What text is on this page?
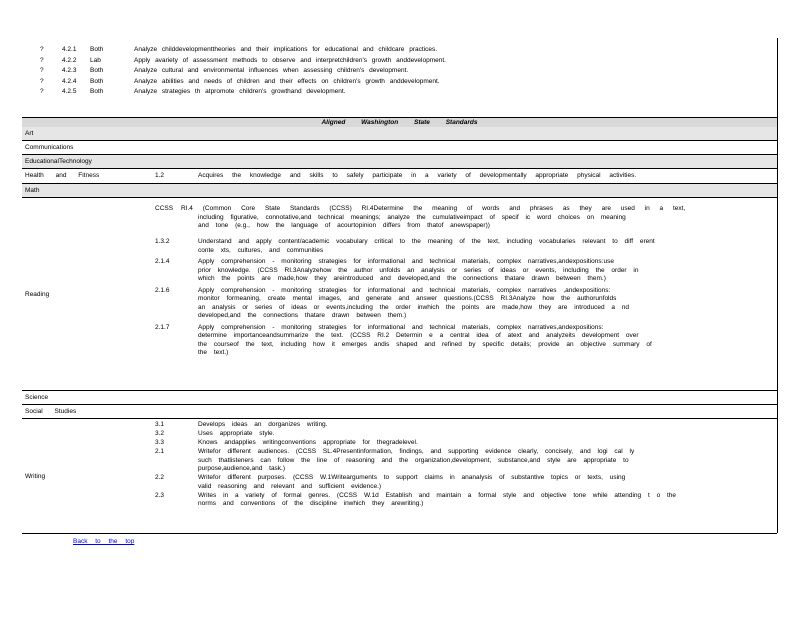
?	4.2.1	Both	Analyze childdevelopmenttheories and their implications for educational and childcare practices.
?	4.2.2	Lab	Apply avariety of assessment methods to observe and interpretchildren's growth anddevelopment.
?	4.2.3	Both	Analyze cultural and environmental influences when assessing children's development.
?	4.2.4	Both	Analyze abilities and needs of children and their effects on children's growth anddevelopment.
?	4.2.5	Both	Analyze strategies th atpromote children's growthand development.
Aligned Washington State Standards
Art
Communications
EducationalTechnology
Health and Fitness	1.2	Acquires the knowledge and skills to safely participate in a variety of developmentally appropriate physical activities.
Math
Reading
CCSS RI.4 (Common Core State Standards (CCSS) RI.4Determine the meaning of words and phrases as they are used in a text,
including figurative, connotative,and technical meanings; analyze the cumulativeimpact of specif ic word choices on meaning
and tone (e.g., how the language of acourtopinion differs from thatof anewspaper))
1.3.2	Understand and apply content/academic vocabulary critical to the meaning of the text, including vocabularies relevant to diff erent
conte xts, cultures, and communities
2.1.4	Apply comprehension - monitoring strategies for informational and technical materials, complex narratives,andexpositions:use
prior knowledge. (CCSS RI.3Analyzehow the author unfolds an analysis or series of ideas or events, including the order in
which the points are made,how they areintroduced and developed,and the connections thatare drawn between them.)
2.1.6	Apply comprehension - monitoring strategies for informational and technical materials, complex narratives ,andexpositions:
monitor formeaning, create mental images, and generate and answer questions.(CCSS RI.3Analyze how the authorunfolds
an analysis or series of ideas or events,including the order inwhich the points are made,how they are introduced a nd
developed,and the connections thatare drawn between them.)
2.1.7	Apply comprehension - monitoring strategies for informational and technical materials, complex narratives,andexpositions:
determine importanceandsummarize the text. (CCSS RI.2 Determin e a central idea of atext and analyzeits development over
the courseof the text, including how it emerges andis shaped and refined by specific details; provide an objective summary of
the text.)
Science
Social Studies
Writing
3.1	Develops ideas an dorganizes writing.
3.2	Uses appropriate style.
3.3	Knows andapplies writingconventions appropriate for thegradelevel.
2.1	Writefor different audiences. (CCSS SL.4Presentinformation, findings, and supporting evidence clearly, concisely, and logi cal ly
such thatlisteners can follow the line of reasoning and the organization,development, substance,and style are appropriate to
purpose,audience,and task.)
2.2	Writefor different purposes. (CCSS W.1Writearguments to support claims in ananalysis of substantive topics or texts, using
valid reasoning and relevant and sufficient evidence.)
2.3	Writes in a variety of formal genres. (CCSS W.1d Establish and maintain a formal style and objective tone while attending t o the
norms and conventions of the discipline inwhich they arewriting.)
Back to the top
